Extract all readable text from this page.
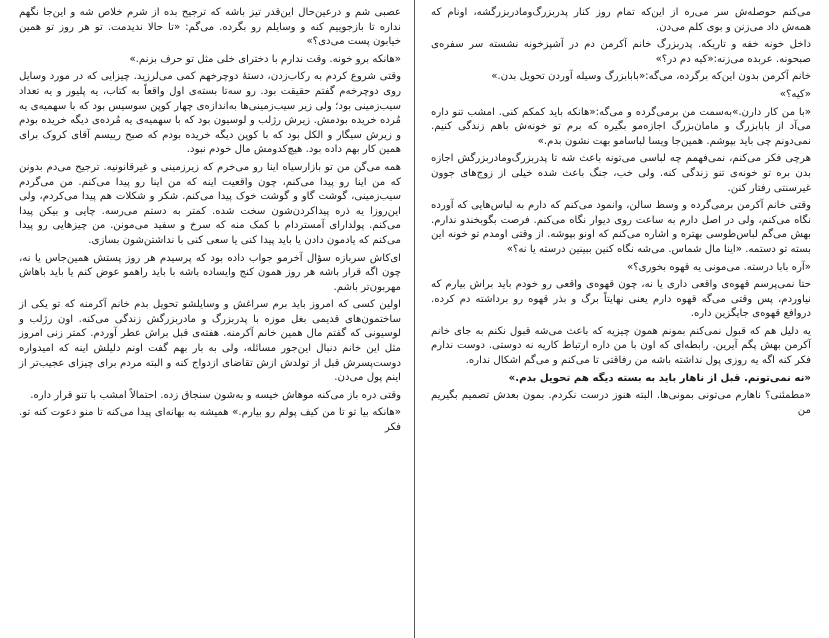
می‌کنم حوصله‌ش سر می‌ره از این‌که تمام روز کنار پدربزرگ‌ومادربزرگشه، اونام که همه‌ش داد می‌زنن و بوی کلم می‌دن.

داخل خونه خفه و تاریکه. پدربزرگ خانم آکرمن دم در آشپزخونه نشسته سر سفره‌ی صبحونه. عربده می‌زنه:«کیه دم در؟»

خانم آکرمن بدون این‌که برگرده، می‌گه:«بابابزرگ وسیله آوردن تحویل بدن.»

«کیه؟»

«با من کار دارن.»به‌سمت من برمی‌گرده و می‌گه:«هانکه باید کمکم کنی. امشب تنو داره می‌آد از بابابزرگ و مامان‌بزرگ اجازه‌مو بگیره که برم تو خونه‌ش باهم زندگی کنیم. نمی‌دونم چی باید بپوشم. همین‌جا ویسا لباسامو بهت نشون بدم.»

هرچی فکر می‌کنم، نمی‌فهمم چه لباسی می‌تونه باعث شه تا پدربزرگ‌ومادربزرگش اجازه بدن بره تو خونه‌ی تنو زندگی کنه. ولی خب، جنگ باعث شده خیلی از زوج‌های جوون غیرسنتی رفتار کنن.

وقتی خانم آکرمن برمی‌گرده و وسط سالن، وانمود می‌کنم که دارم به لباس‌هایی که آورده نگاه می‌کنم، ولی در اصل دارم به ساعت روی دیوار نگاه می‌کنم. فرصت بگوبخندو ندارم. بهش می‌گم لباس‌طوسی بهتره و اشاره می‌کنم که اونو بپوشه. از وقتی اومدم تو خونه این بسته تو دستمه. «اینا مال شماس. می‌شه نگاه کنین ببینین درسته یا نه؟»

«آره بابا درسته. می‌مونی یه قهوه بخوری؟»

حتا نمی‌پرسم قهوه‌ی واقعی داری یا نه، چون قهوه‌ی واقعی رو خودم باید براش بیارم که نیاوردم، پس وقتی می‌گه قهوه دارم یعنی نهایتاً برگ و بذر قهوه رو برداشته دم کرده. دروافع قهوه‌ی جایگزین داره.

یه دلیل هم که قبول نمی‌کنم بمونم همون چیزیه که باعث می‌شه قبول نکنم به جای خانم آکرمن بهش پگم آیرین. رابطه‌ای که اون با من داره ارتباط کاریه نه دوستی. دوست ندارم فکر کنه اگه یه روزی پول نداشته باشه من رفاقتی تا می‌کنم و می‌گم اشکال نداره.

«نه نمی‌تونم. قبل از ناهار باید به بسته دیگه هم تحویل بدم.»

«مطمئنی؟ ناهارم می‌تونی بمونی‌ها. البته هنوز درست نکردم. بمون بعدش تصمیم بگیریم من

عصبی شم و درعین‌حال این‌قدر تیز باشه که ترجیح بده از شرم خلاص شه و این‌جا نگهم نداره تا بازجوییم کنه و وسایلم رو بگرده. می‌گم: «تا حالا ندیدمت. تو هر روز تو همین خیابون پست می‌دی؟»

«هانکه برو خونه. وقت ندارم با دختر‌ای خلی مثل تو حرف بزنم.»

وقتی شروع کردم به رکاب‌زدن، دستهٔ دوچرخهم کمی می‌لرزید. چیزایی که در مورد وسایل روی دوچرخه‌م گفتم حقیقت بود. رو سه‌تا بسته‌ی اول واقعاً به کتاب، یه پلیور و یه تعداد سیب‌زمینی بود؛ ولی زیر سیب‌زمینی‌ها به‌اندازه‌ی چهار کوپن سوسیس بود که با سهمیه‌ی یه مُرده خریده بودمش. زیرش رژلب و لوسیون بود که با سهمیه‌ی یه مُرده‌ی دیگه خریده بودم و زیرش سیگار و الکل بود که با کوپن دیگه خریده بودم که صبح رییسم آقای کروک برای همین کار بهم داده بود. هیچ‌کدومش مال خودم نبود.

همه می‌گن من تو بازارسیاه اینا رو می‌خرم که زیرزمینی و غیرقانونیه. ترجیح می‌دم بدونن که من اینا رو پیدا می‌کنم، چون واقعیت اینه که من اینا رو پیدا می‌کنم. من می‌گردم سیب‌زمینی، گوشت گاو و گوشت خوک پیدا می‌کنم. شکر و شکلات هم پیدا می‌کردم، ولی این‌روزا یه ذره پیداکردن‌شون سخت شده. کمتر به دستم می‌رسه. چایی و بیکن پیدا می‌کنم. پولدارای آمستردام با کمک منه که سرخ و سفید می‌مونن. من چیزهایی رو پیدا می‌کنم که یادمون دادن یا باید پیدا کنی یا سعی کنی با نداشتن‌شون بسازی.

ای‌کاش سربازه سؤال آخرمو جواب داده بود که پرسیدم هر روز پستش همین‌جاس یا نه، چون اگه قرار باشه هر روز همون کنج وایساده باشه با باید راهمو عوض کنم یا باید باهاش مهربون‌تر باشم.

اولین کسی که امروز باید برم سراغش و وسایلشو تحویل بدم خانم آکرمنه که تو یکی از ساختمون‌های قدیمی بغل موزه با پدربزرگ و مادربزرگش زندگی می‌کنه. اون رژلب و لوسیونی که گفتم مال همین خانم آکرمنه. هفته‌ی قبل براش عطر آوردم. کمتر زنی امروز مثل این خانم دنبال این‌جور مسائله، ولی به بار بهم گفت اونم دلیلش اینه که امیدواره دوست‌پسرش قبل از تولدش ازش تقاضای ازدواج کنه و البته مردم برای چیزای عجیب‌تر از اینم پول می‌دن.

وقتی دره باز می‌کنه موهاش خیسه و به‌شون سنجاق زده. احتمالاً امشب با تنو قرار داره.

«هانکه بیا تو تا من کیف پولم رو بیارم.» همیشه به بهانه‌ای پیدا می‌کنه تا منو دعوت کنه تو. فکر
